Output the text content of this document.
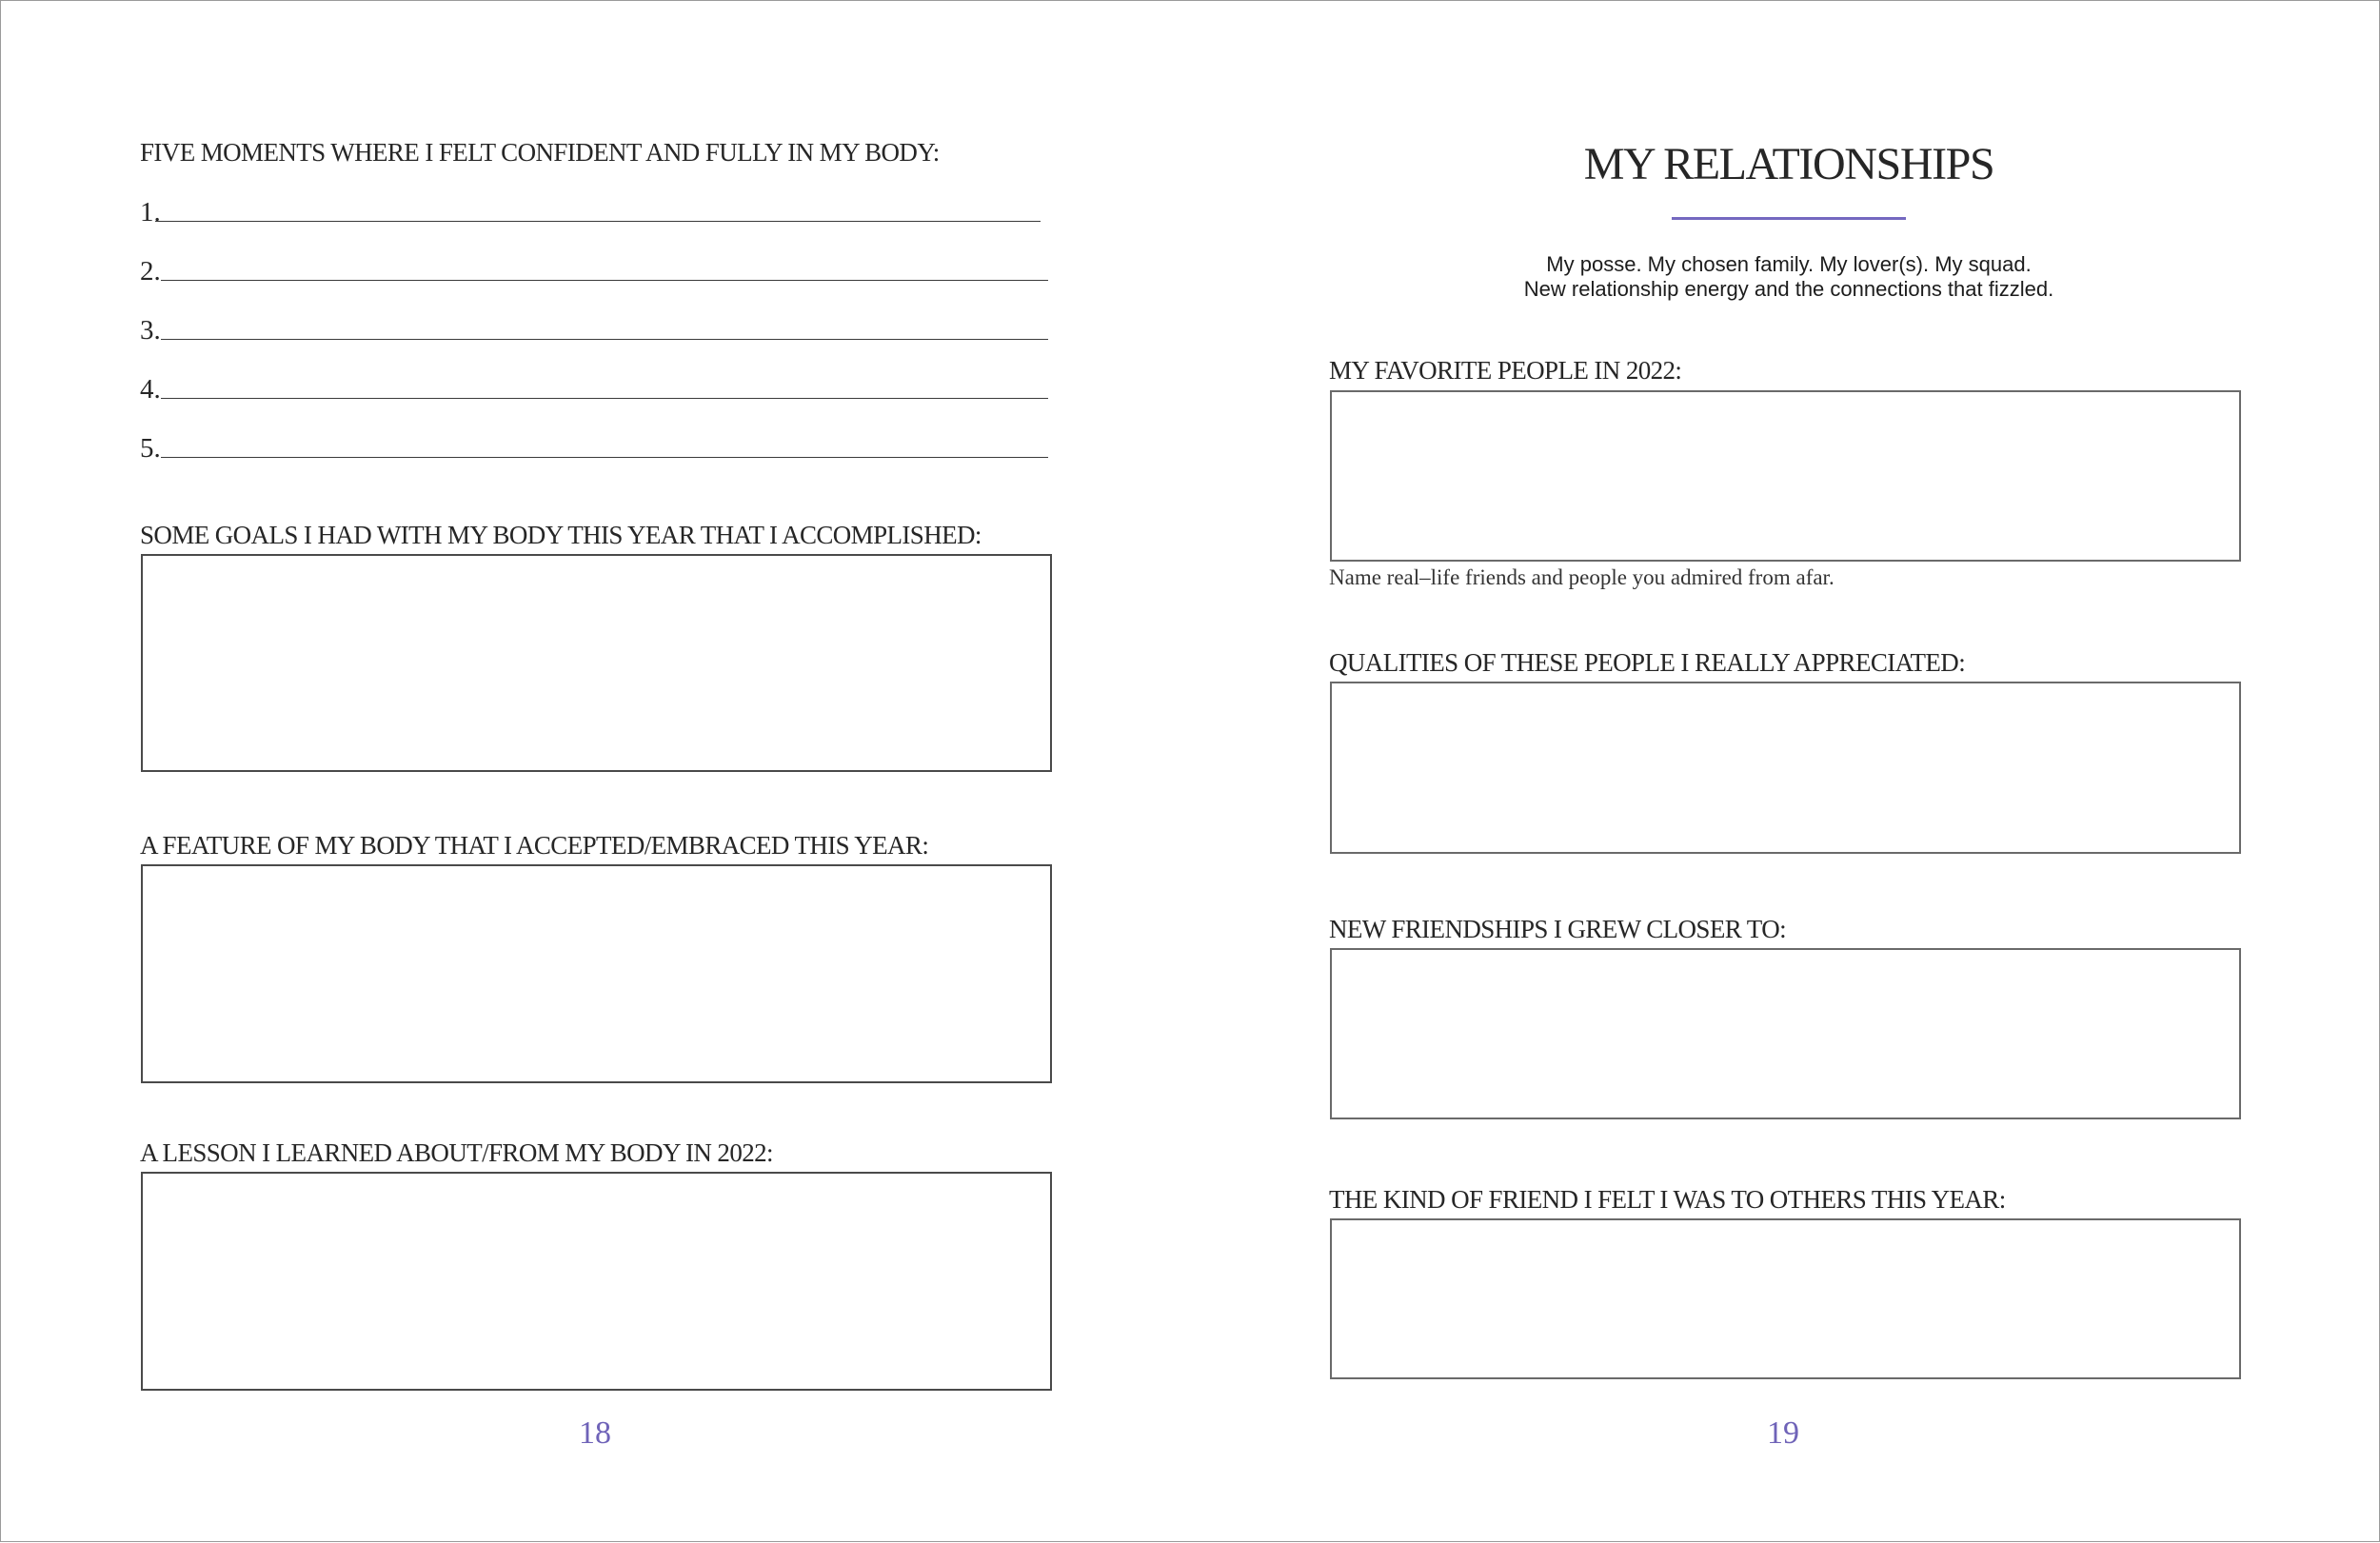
FIVE MOMENTS WHERE I FELT CONFIDENT AND FULLY IN MY BODY:
1.
2.
3.
4.
5.
SOME GOALS I HAD WITH MY BODY THIS YEAR THAT I ACCOMPLISHED:
A FEATURE OF MY BODY THAT I ACCEPTED/EMBRACED THIS YEAR:
A LESSON I LEARNED ABOUT/FROM MY BODY IN 2022:
18
MY RELATIONSHIPS
My posse. My chosen family. My lover(s). My squad.
New relationship energy and the connections that fizzled.
MY FAVORITE PEOPLE IN 2022:
Name real–life friends and people you admired from afar.
QUALITIES OF THESE PEOPLE I REALLY APPRECIATED:
NEW FRIENDSHIPS I GREW CLOSER TO:
THE KIND OF FRIEND I FELT I WAS TO OTHERS THIS YEAR:
19
